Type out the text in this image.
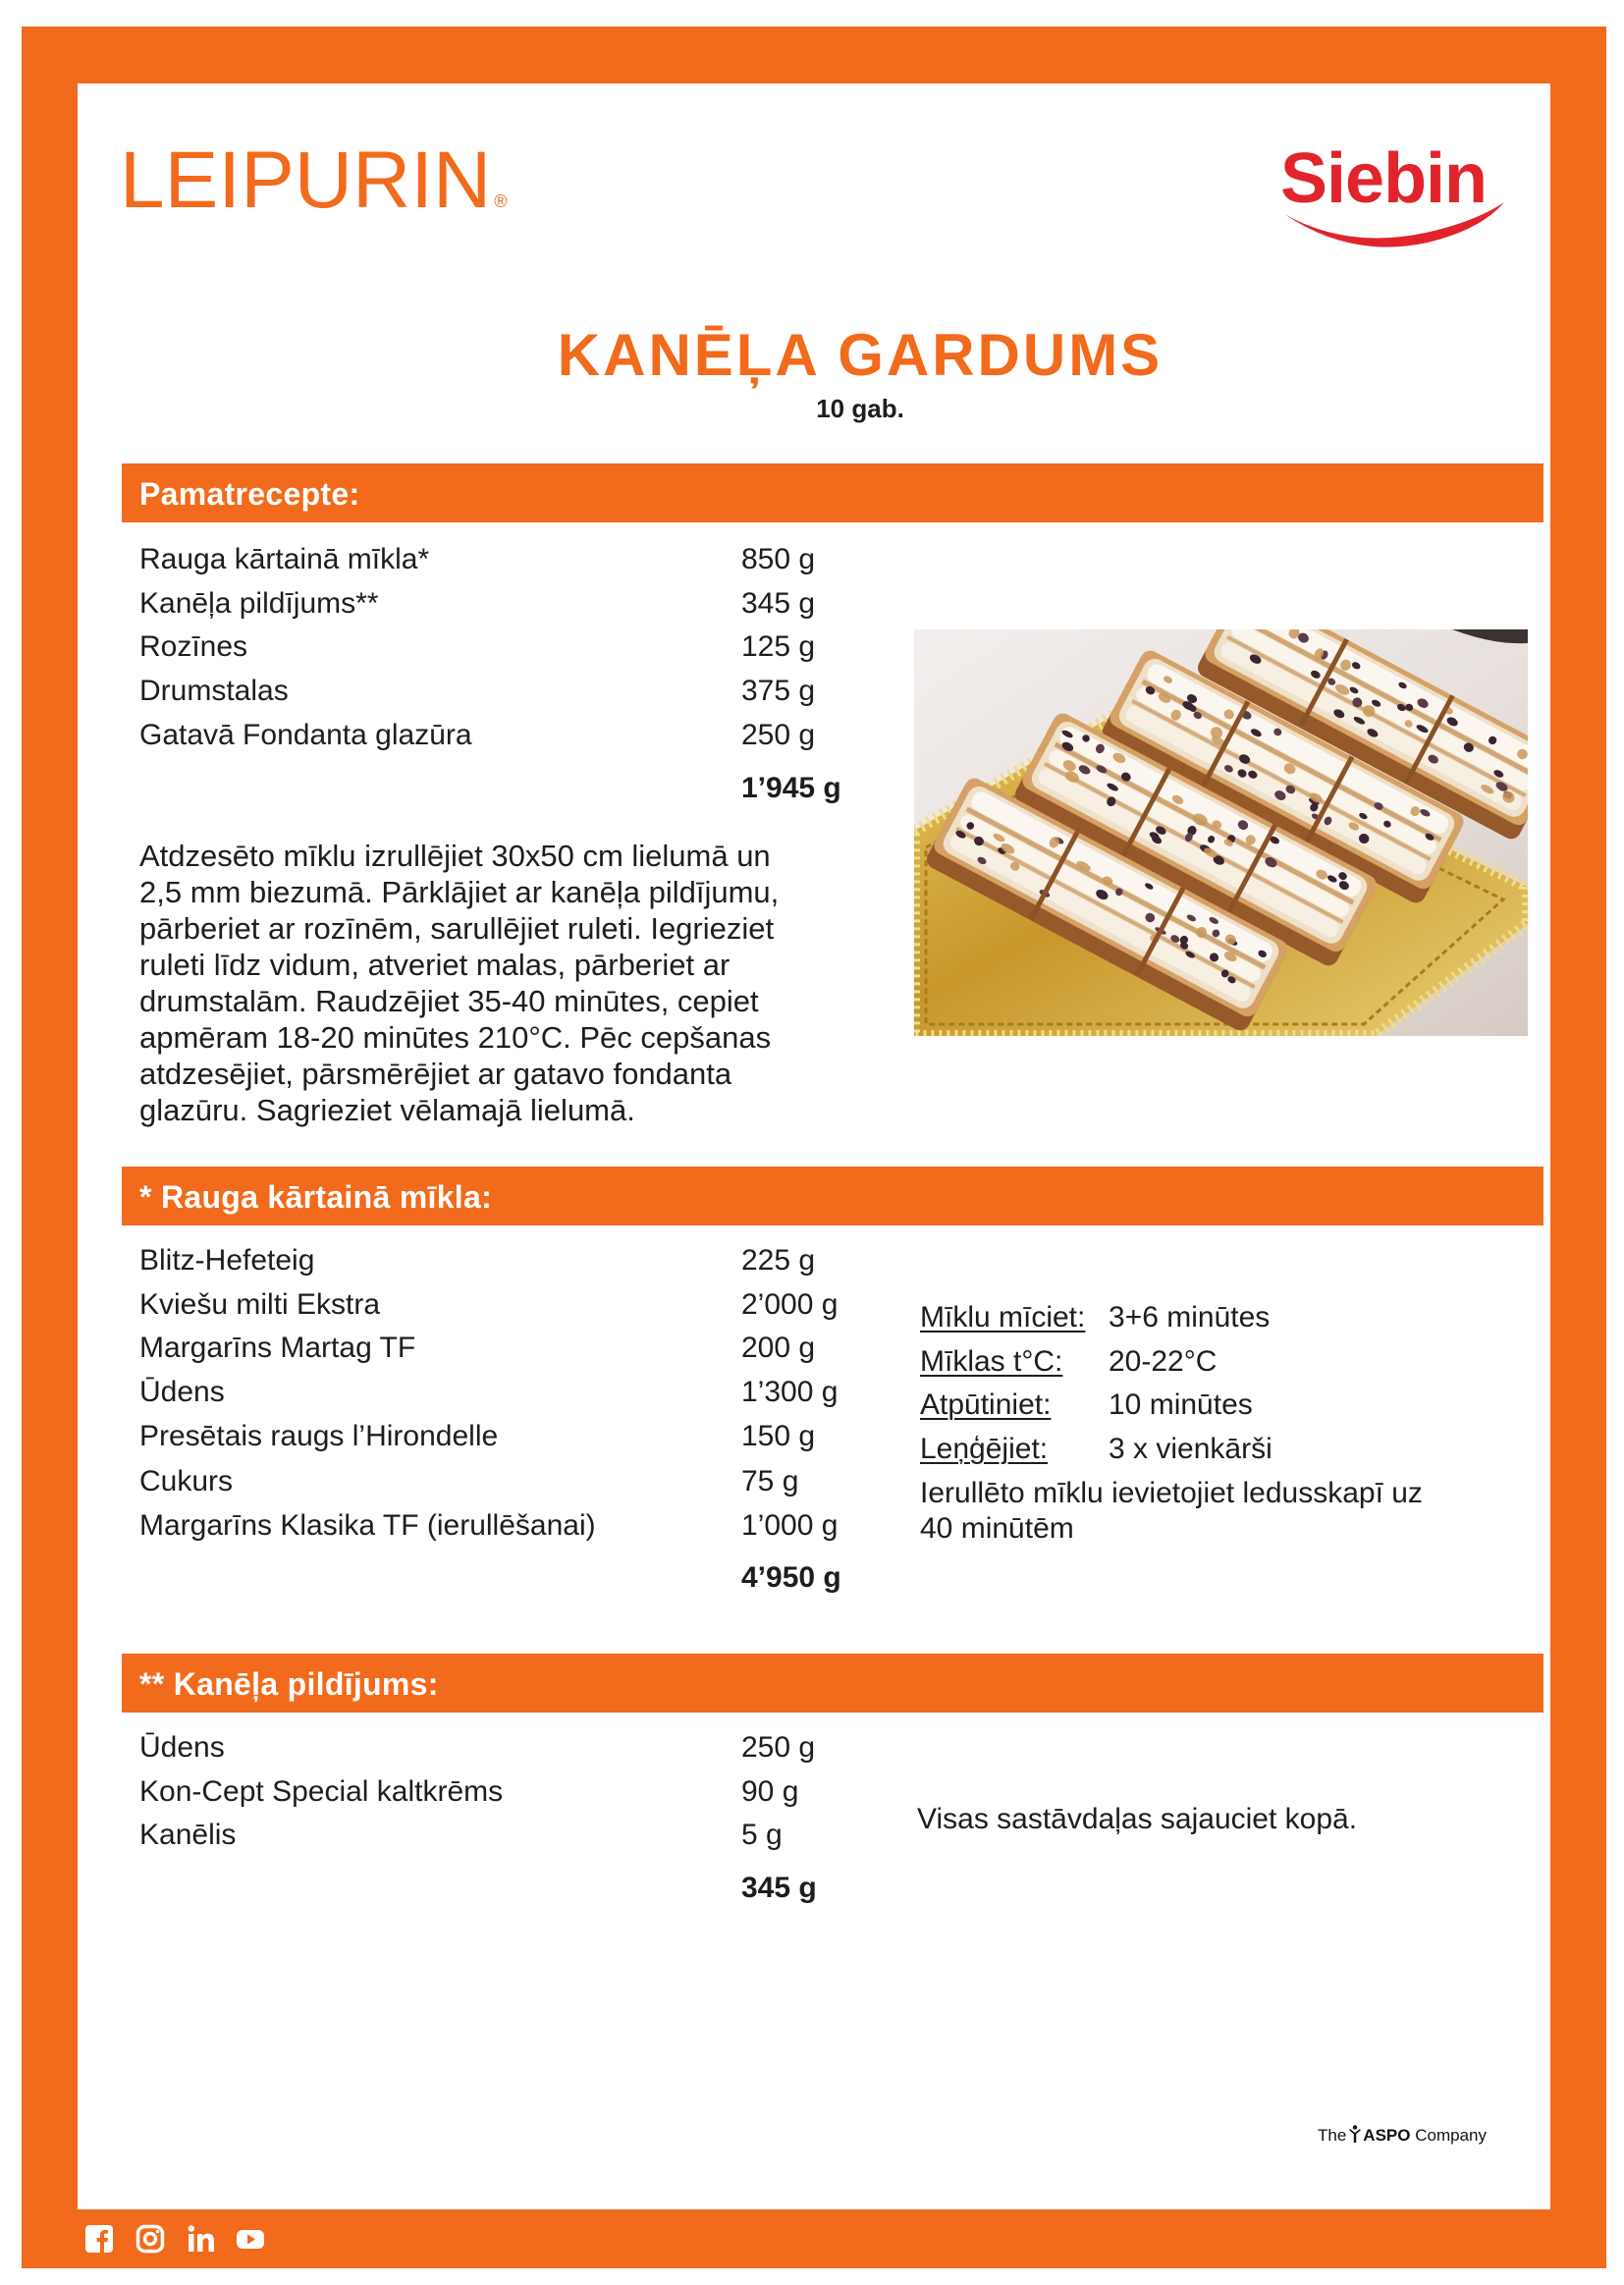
LEIPURIN ®	Siebin
KANĒĻA GARDUMS
10 gab.
Pamatrecepte:
Rauga kārtainā mīkla*	850 g
Kanēļa pildījums**	345 g
Rozīnes	125 g
Drumstalas	375 g
Gatavā Fondanta glazūra	250 g
1’945 g
Atdzesēto mīklu izrullējiet 30x50 cm lielumā un
2,5 mm biezumā. Pārklājiet ar kanēļa pildījumu,
pārberiet ar rozīnēm, sarullējiet ruleti. Iegrieziet
ruleti līdz vidum, atveriet malas, pārberiet ar
drumstalām. Raudzējiet 35-40 minūtes, cepiet
apmēram 18-20 minūtes 210°C. Pēc cepšanas
atdzesējiet, pārsmērējiet ar gatavo fondanta
glazūru. Sagrieziet vēlamajā lielumā.
* Rauga kārtainā mīkla:
Blitz-Hefeteig	225 g
Kviešu milti Ekstra	2’000 g
Margarīns Martag TF	200 g
Ūdens	1’300 g
Presētais raugs l’Hirondelle	150 g
Cukurs	75 g
Margarīns Klasika TF (ierullēšanai)	1’000 g
4’950 g
Mīklu mīciet: 3+6 minūtes
Mīklas t°C: 20-22°C
Atpūtiniet: 10 minūtes
Leņģējiet: 3 x vienkārši
Ierullēto mīklu ievietojiet ledusskapī uz
40 minūtēm
** Kanēļa pildījums:
Ūdens	250 g
Kon-Cept Special kaltkrēms	90 g
Kanēlis	5 g
345 g
Visas sastāvdaļas sajauciet kopā.
The ASPO Company
